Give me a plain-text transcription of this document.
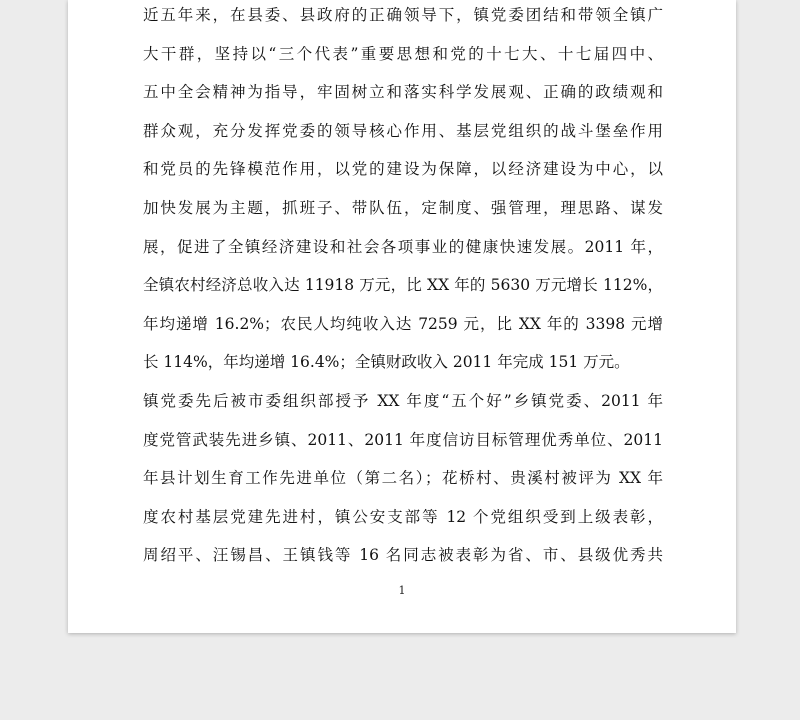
近五年来，在县委、县政府的正确领导下，镇党委团结和带领全镇广
大干群，坚持以“三个代表”重要思想和党的十七大、十七届四中、
五中全会精神为指导，牢固树立和落实科学发展观、正确的政绩观和
群众观，充分发挥党委的领导核心作用、基层党组织的战斗堡垒作用
和党员的先锋模范作用，以党的建设为保障，以经济建设为中心，以
加快发展为主题，抓班子、带队伍，定制度、强管理，理思路、谋发
展，促进了全镇经济建设和社会各项事业的健康快速发展。2011 年，
全镇农村经济总收入达 11918 万元，比 XX 年的 5630 万元增长 112%，
年均递增 16.2%；农民人均纯收入达 7259 元，比 XX 年的 3398 元增
长 114%，年均递增 16.4%；全镇财政收入 2011 年完成 151 万元。
镇党委先后被市委组织部授予 XX 年度“五个好”乡镇党委、2011 年
度党管武装先进乡镇、2011、2011 年度信访目标管理优秀单位、2011
年县计划生育工作先进单位（第二名）；花桥村、贵溪村被评为 XX 年
度农村基层党建先进村，镇公安支部等 12 个党组织受到上级表彰，
周绍平、汪锡昌、王镇钱等 16 名同志被表彰为省、市、县级优秀共
1
